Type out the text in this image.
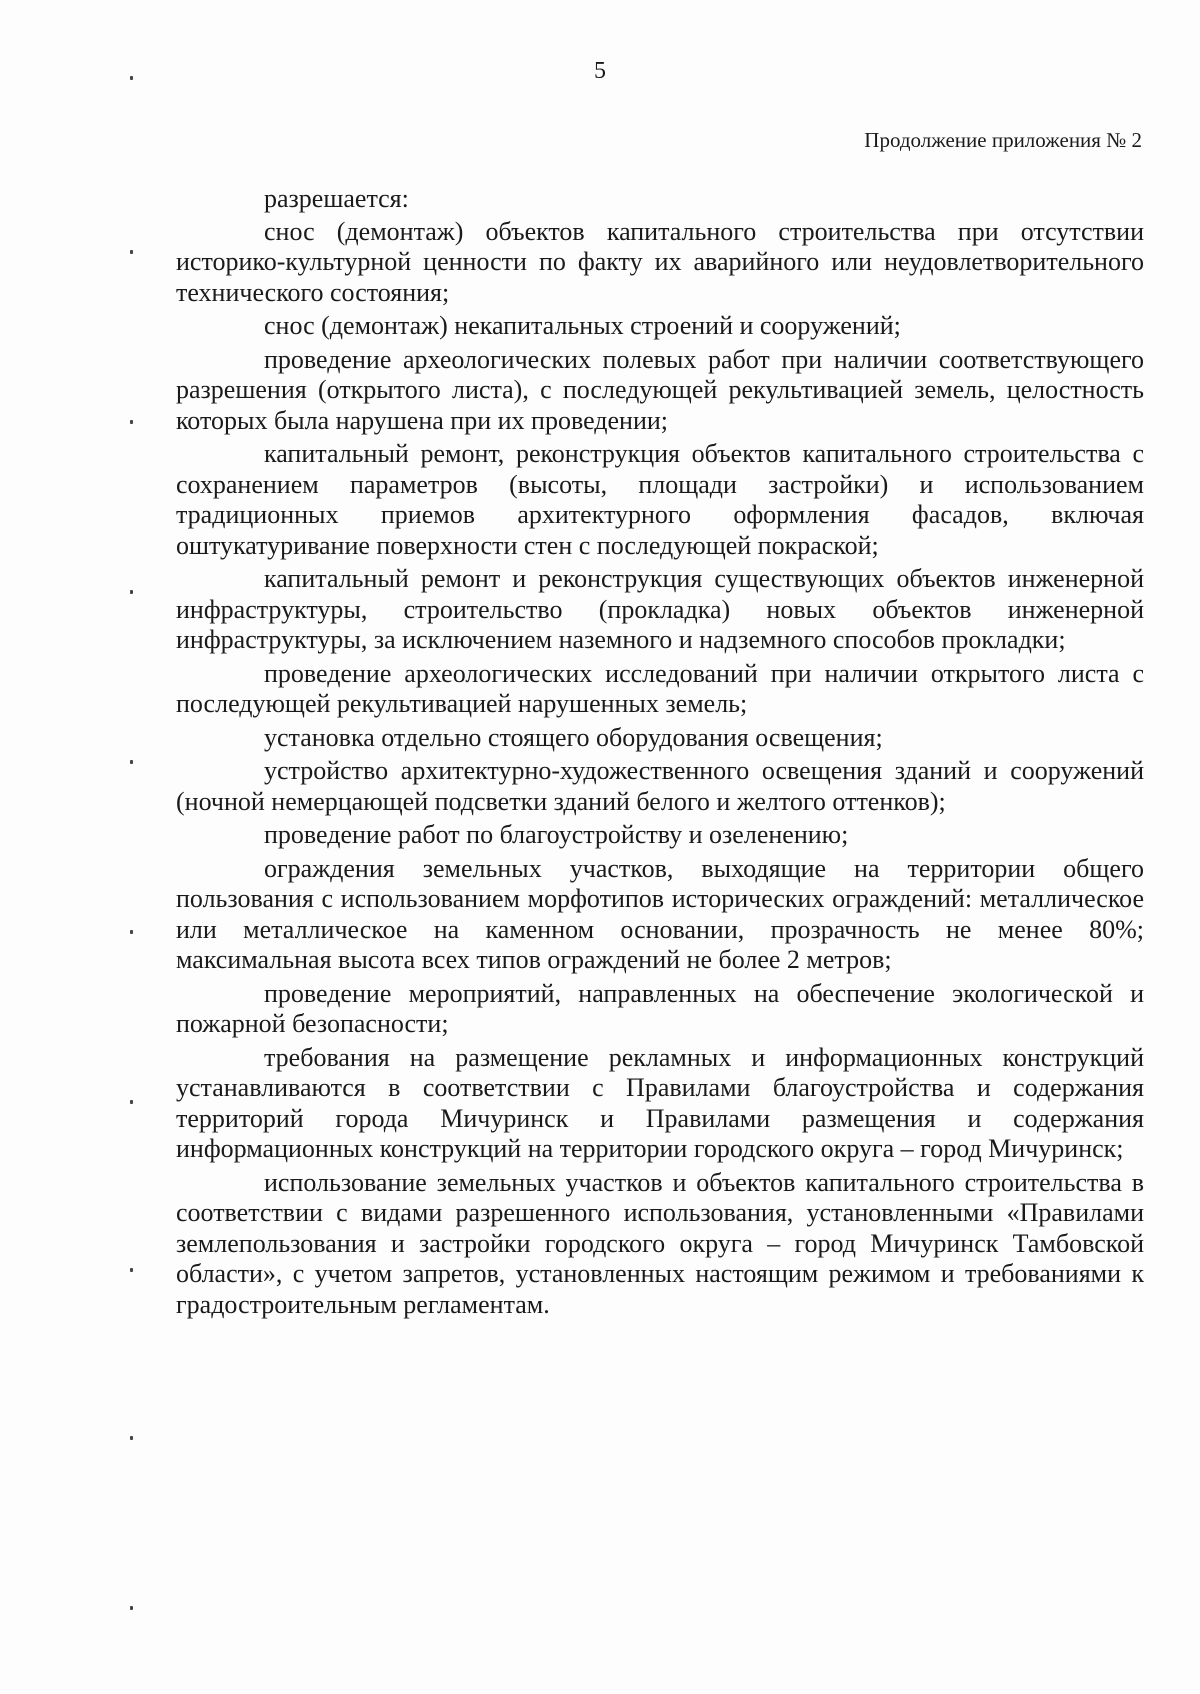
5
Продолжение приложения № 2

разрешается:

снос (демонтаж) объектов капитального строительства при отсутствии историко-культурной ценности по факту их аварийного или неудовлетворительного технического состояния;

снос (демонтаж) некапитальных строений и сооружений;

проведение археологических полевых работ при наличии соответствующего разрешения (открытого листа), с последующей рекультивацией земель, целостность которых была нарушена при их проведении;

капитальный ремонт, реконструкция объектов капитального строительства с сохранением параметров (высоты, площади застройки) и использованием традиционных приемов архитектурного оформления фасадов, включая оштукатуривание поверхности стен с последующей покраской;

капитальный ремонт и реконструкция существующих объектов инженерной инфраструктуры, строительство (прокладка) новых объектов инженерной инфраструктуры, за исключением наземного и надземного способов прокладки;

проведение археологических исследований при наличии открытого листа с последующей рекультивацией нарушенных земель;

установка отдельно стоящего оборудования освещения;

устройство архитектурно-художественного освещения зданий и сооружений (ночной немерцающей подсветки зданий белого и желтого оттенков);

проведение работ по благоустройству и озеленению;

ограждения земельных участков, выходящие на территории общего пользования с использованием морфотипов исторических ограждений: металлическое или металлическое на каменном основании, прозрачность не менее 80%; максимальная высота всех типов ограждений не более 2 метров;

проведение мероприятий, направленных на обеспечение экологической и пожарной безопасности;

требования на размещение рекламных и информационных конструкций устанавливаются в соответствии с Правилами благоустройства и содержания территорий города Мичуринск и Правилами размещения и содержания информационных конструкций на территории городского округа – город Мичуринск;

использование земельных участков и объектов капитального строительства в соответствии с видами разрешенного использования, установленными «Правилами землепользования и застройки городского округа – город Мичуринск Тамбовской области», с учетом запретов, установленных настоящим режимом и требованиями к градостроительным регламентам.
